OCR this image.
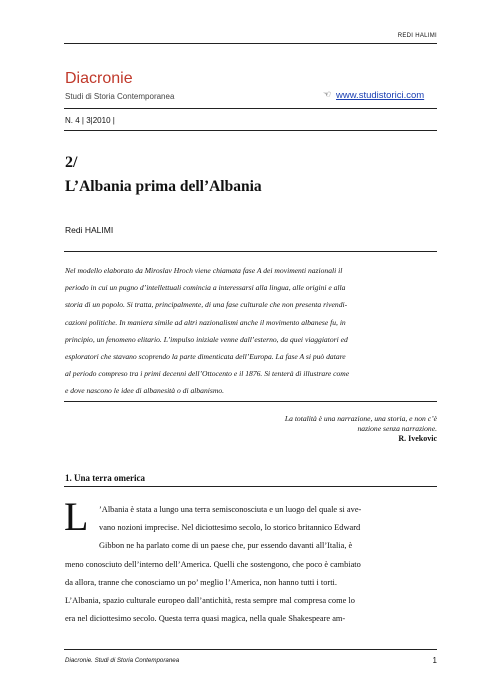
REDI HALIMI
Diacronie
Studi di Storia Contemporanea	☜ www.studistorici.com
N. 4 | 3|2010 |
2/
L’Albania prima dell’Albania
Redi HALIMI
Nel modello elaborato da Miroslav Hroch viene chiamata fase A dei movimenti nazionali il
periodo in cui un pugno d’intellettuali comincia a interessarsi alla lingua, alle origini e alla
storia di un popolo. Si tratta, principalmente, di una fase culturale che non presenta rivendi-
cazioni politiche. In maniera simile ad altri nazionalismi anche il movimento albanese fu, in
principio, un fenomeno elitario. L’impulso iniziale venne dall’esterno, da quei viaggiatori ed
esploratori che stavano scoprendo la parte dimenticata dell’Europa. La fase A si può datare
al periodo compreso tra i primi decenni dell’Ottocento e il 1876. Si tenterà di illustrare come
e dove nascono le idee di albanesità o di albanismo.
La totalità è una narrazione, una storia, e non c’è
nazione senza narrazione.
R. Ivekovic
1. Una terra omerica
L	’Albania è stata a lungo una terra semisconosciuta e un luogo del quale si ave-
vano nozioni imprecise. Nel diciottesimo secolo, lo storico britannico Edward
Gibbon ne ha parlato come di un paese che, pur essendo davanti all’Italia, è
meno conosciuto dell’interno dell’America. Quelli che sostengono, che poco è cambiato
da allora, tranne che conosciamo un po’ meglio l’America, non hanno tutti i torti.
L’Albania, spazio culturale europeo dall’antichità, resta sempre mal compresa come lo
era nel diciottesimo secolo. Questa terra quasi magica, nella quale Shakespeare am-
Diacronie. Studi di Storia Contemporanea	1
